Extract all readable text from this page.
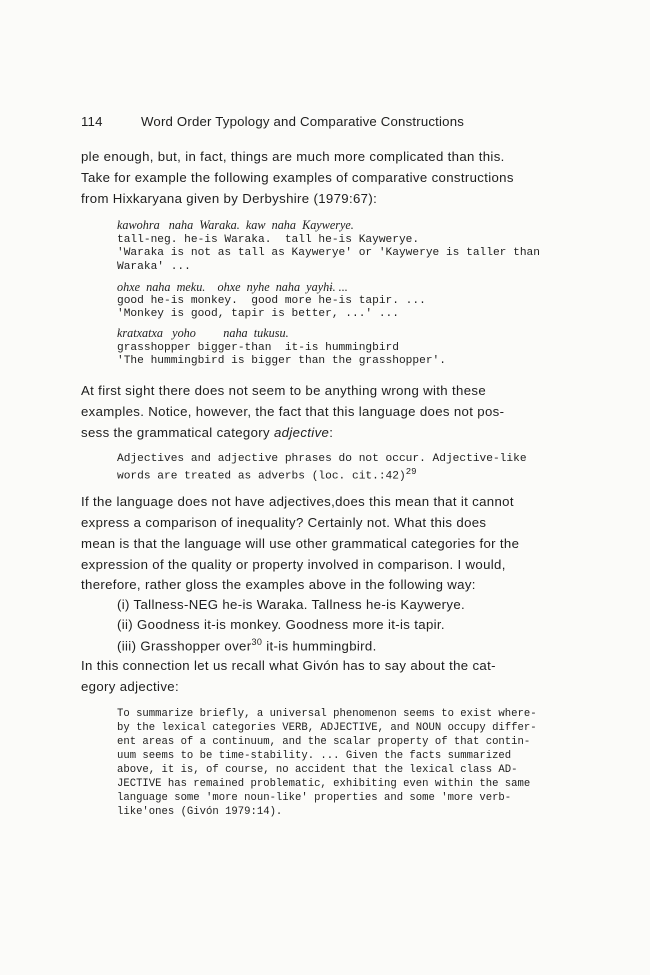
114	Word Order Typology and Comparative Constructions
ple enough, but, in fact, things are much more complicated than this.
Take for example the following examples of comparative constructions
from Hixkaryana given by Derbyshire (1979:67):
kawohra   naha  Waraka.  kaw  naha  Kaywerye.
tall-neg. he-is Waraka.  tall he-is Kaywerye.
'Waraka is not as tall as Kaywerye' or 'Kaywerye is taller than
Waraka' ...
ohxe  naha  meku.    ohxe  nyhe  naha  yayhɨ. ...
good he-is monkey.  good more he-is tapir. ...
'Monkey is good, tapir is better, ...' ...
kratxatxa   yoho         naha  tukusu.
grasshopper bigger-than  it-is hummingbird
'The hummingbird is bigger than the grasshopper'.
At first sight there does not seem to be anything wrong with these
examples. Notice, however, the fact that this language does not pos-
sess the grammatical category adjective:
Adjectives and adjective phrases do not occur. Adjective-like
words are treated as adverbs (loc. cit.:42)$^{29}$
If the language does not have adjectives,does this mean that it cannot
express a comparison of inequality? Certainly not. What this does
mean is that the language will use other grammatical categories for the
expression of the quality or property involved in comparison. I would,
therefore, rather gloss the examples above in the following way:
(i) Tallness-NEG he-is Waraka. Tallness he-is Kaywerye.
(ii) Goodness it-is monkey. Goodness more it-is tapir.
(iii) Grasshopper over$^{30}$ it-is hummingbird.
In this connection let us recall what Givón has to say about the cat-
egory adjective:
To summarize briefly, a universal phenomenon seems to exist where-
by the lexical categories VERB, ADJECTIVE, and NOUN occupy differ-
ent areas of a continuum, and the scalar property of that contin-
uum seems to be time-stability. ... Given the facts summarized
above, it is, of course, no accident that the lexical class AD-
JECTIVE has remained problematic, exhibiting even within the same
language some 'more noun-like' properties and some 'more verb-
like'ones (Givón 1979:14).
